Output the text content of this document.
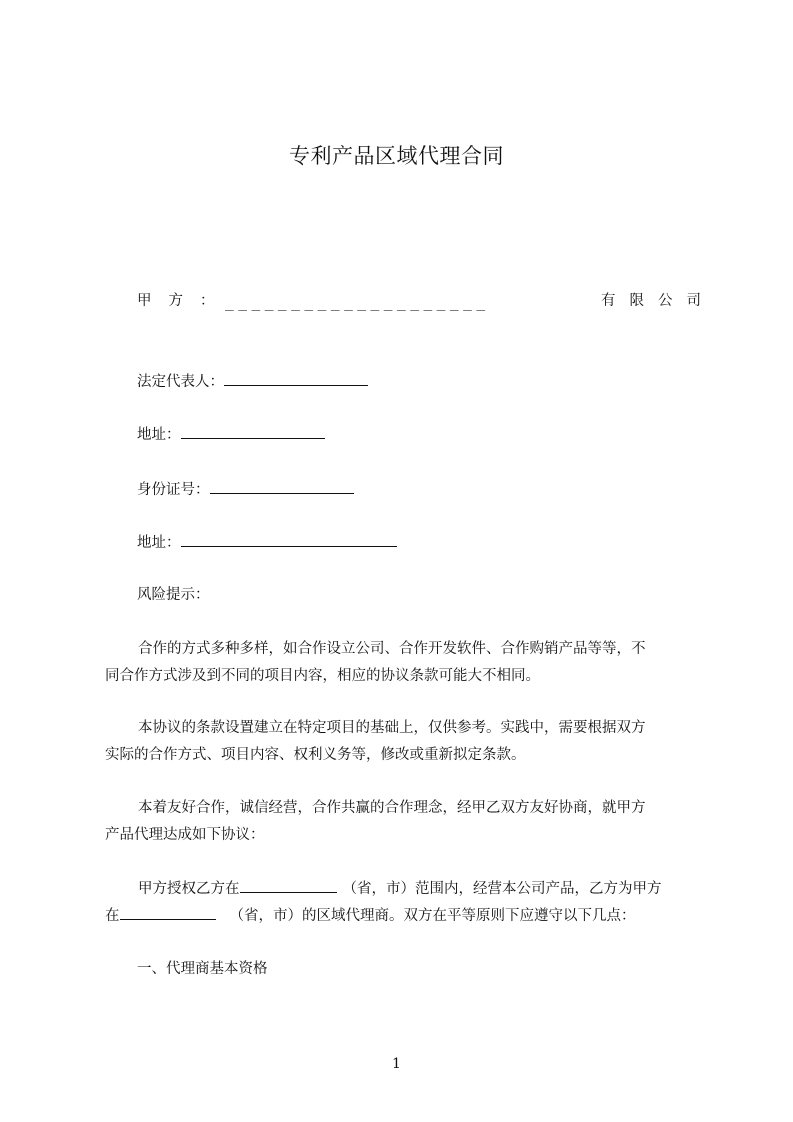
专利产品区域代理合同
甲方：
____________________	有限公司
法定代表人：
地址：
身份证号：
地址：
风险提示：
合作的方式多种多样，如合作设立公司、合作开发软件、合作购销产品等等，不
同合作方式涉及到不同的项目内容，相应的协议条款可能大不相同。
本协议的条款设置建立在特定项目的基础上，仅供参考。实践中，需要根据双方
实际的合作方式、项目内容、权利义务等，修改或重新拟定条款。
本着友好合作，诚信经营，合作共赢的合作理念，经甲乙双方友好协商，就甲方
产品代理达成如下协议：
甲方授权乙方在	（省，市）范围内，经营本公司产品，乙方为甲方
在	（省，市）的区域代理商。双方在平等原则下应遵守以下几点：
一、代理商基本资格
1
